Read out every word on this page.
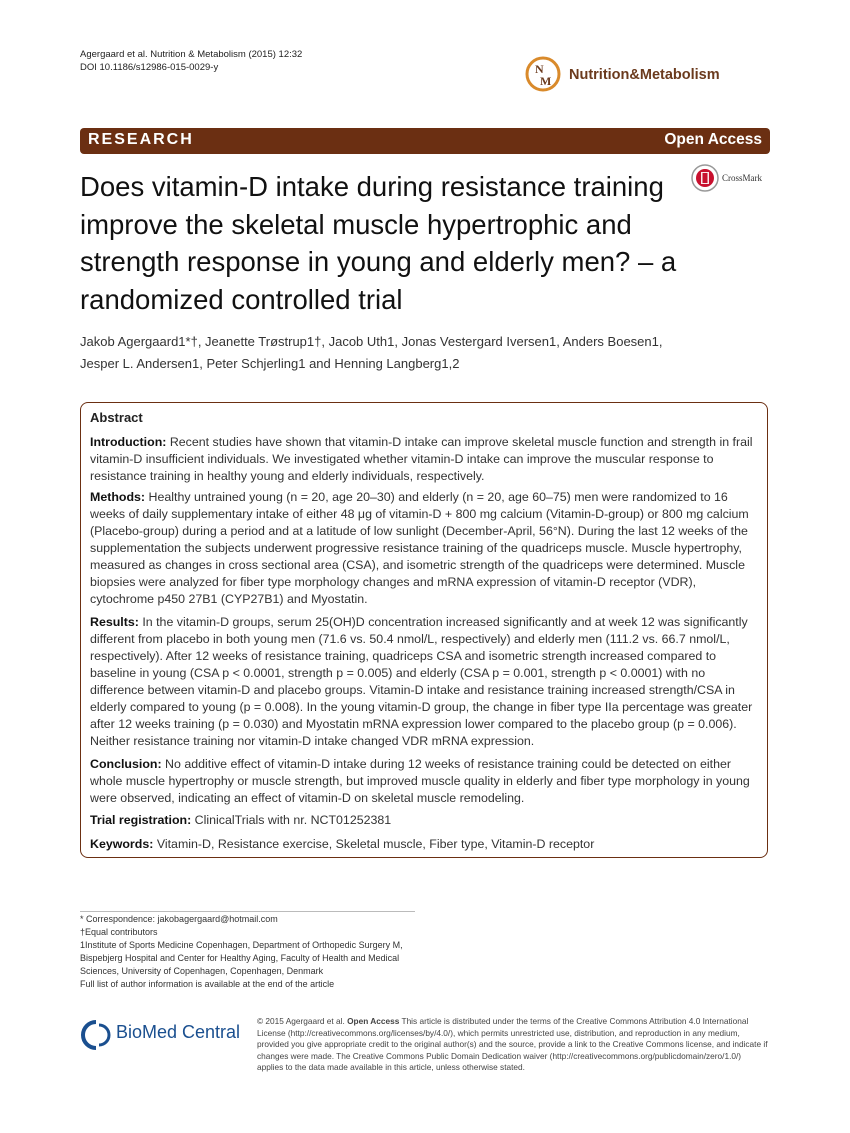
Agergaard et al. Nutrition & Metabolism (2015) 12:32
DOI 10.1186/s12986-015-0029-y	N
M Nutrition&Metabolism
RESEARCH	Open Access
Does vitamin-D intake during resistance training improve the skeletal muscle hypertrophic and strength response in young and elderly men? – a randomized controlled trial
CrossMark
Jakob Agergaard1*†, Jeanette Trøstrup1†, Jacob Uth1, Jonas Vestergard Iversen1, Anders Boesen1,
Jesper L. Andersen1, Peter Schjerling1 and Henning Langberg1,2
Abstract
Introduction: Recent studies have shown that vitamin-D intake can improve skeletal muscle function and strength in frail vitamin-D insufficient individuals. We investigated whether vitamin-D intake can improve the muscular response to resistance training in healthy young and elderly individuals, respectively.
Methods: Healthy untrained young (n = 20, age 20–30) and elderly (n = 20, age 60–75) men were randomized to 16 weeks of daily supplementary intake of either 48 μg of vitamin-D + 800 mg calcium (Vitamin-D-group) or 800 mg calcium (Placebo-group) during a period and at a latitude of low sunlight (December-April, 56°N). During the last 12 weeks of the supplementation the subjects underwent progressive resistance training of the quadriceps muscle. Muscle hypertrophy, measured as changes in cross sectional area (CSA), and isometric strength of the quadriceps were determined. Muscle biopsies were analyzed for fiber type morphology changes and mRNA expression of vitamin-D receptor (VDR), cytochrome p450 27B1 (CYP27B1) and Myostatin.
Results: In the vitamin-D groups, serum 25(OH)D concentration increased significantly and at week 12 was significantly different from placebo in both young men (71.6 vs. 50.4 nmol/L, respectively) and elderly men (111.2 vs. 66.7 nmol/L, respectively). After 12 weeks of resistance training, quadriceps CSA and isometric strength increased compared to baseline in young (CSA p < 0.0001, strength p = 0.005) and elderly (CSA p = 0.001, strength p < 0.0001) with no difference between vitamin-D and placebo groups. Vitamin-D intake and resistance training increased strength/CSA in elderly compared to young (p = 0.008). In the young vitamin-D group, the change in fiber type IIa percentage was greater after 12 weeks training (p = 0.030) and Myostatin mRNA expression lower compared to the placebo group (p = 0.006). Neither resistance training nor vitamin-D intake changed VDR mRNA expression.
Conclusion: No additive effect of vitamin-D intake during 12 weeks of resistance training could be detected on either whole muscle hypertrophy or muscle strength, but improved muscle quality in elderly and fiber type morphology in young were observed, indicating an effect of vitamin-D on skeletal muscle remodeling.
Trial registration: ClinicalTrials with nr. NCT01252381
Keywords: Vitamin-D, Resistance exercise, Skeletal muscle, Fiber type, Vitamin-D receptor
* Correspondence: jakobagergaard@hotmail.com
†Equal contributors
1Institute of Sports Medicine Copenhagen, Department of Orthopedic Surgery M, Bispebjerg Hospital and Center for Healthy Aging, Faculty of Health and Medical Sciences, University of Copenhagen, Copenhagen, Denmark
Full list of author information is available at the end of the article
BioMed Central
© 2015 Agergaard et al. Open Access This article is distributed under the terms of the Creative Commons Attribution 4.0 International License (http://creativecommons.org/licenses/by/4.0/), which permits unrestricted use, distribution, and reproduction in any medium, provided you give appropriate credit to the original author(s) and the source, provide a link to the Creative Commons license, and indicate if changes were made. The Creative Commons Public Domain Dedication waiver (http://creativecommons.org/publicdomain/zero/1.0/) applies to the data made available in this article, unless otherwise stated.
